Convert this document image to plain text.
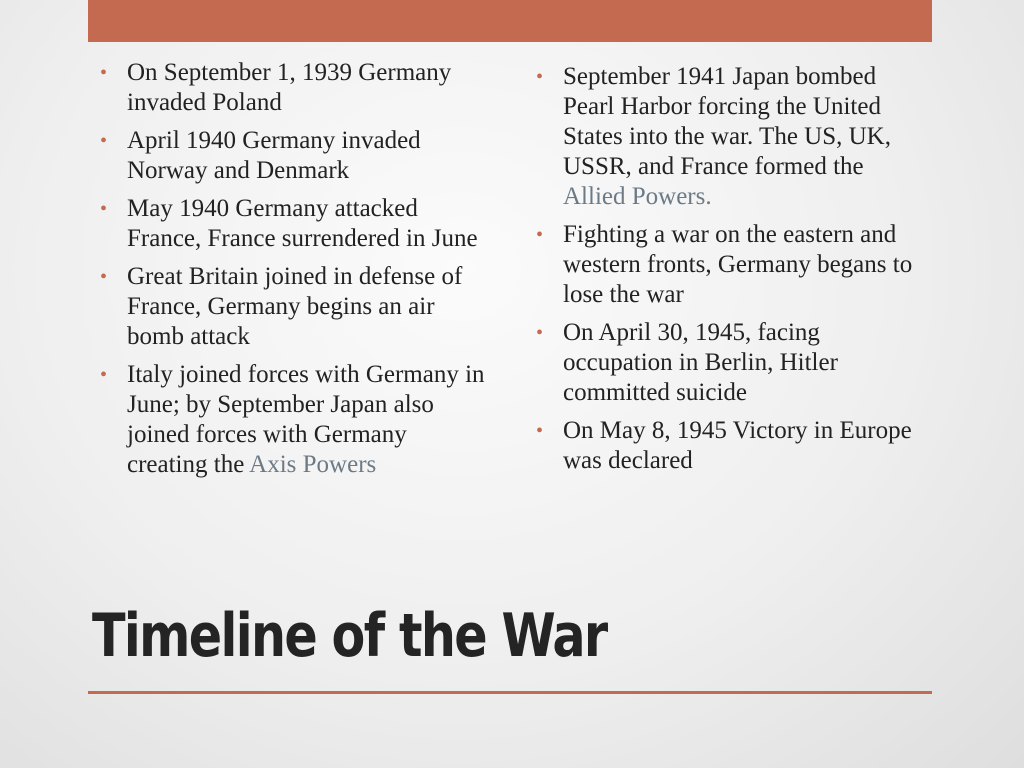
• On September 1, 1939 Germany invaded Poland
• April 1940 Germany invaded Norway and Denmark
• May 1940 Germany attacked France, France surrendered in June
• Great Britain joined in defense of France, Germany begins an air bomb attack
• Italy joined forces with Germany in June; by September Japan also joined forces with Germany creating the Axis Powers
• September 1941 Japan bombed Pearl Harbor forcing the United States into the war. The US, UK, USSR, and France formed the Allied Powers.
• Fighting a war on the eastern and western fronts, Germany begans to lose the war
• On April 30, 1945, facing occupation in Berlin, Hitler committed suicide
• On May 8, 1945 Victory in Europe was declared
Timeline of the War
